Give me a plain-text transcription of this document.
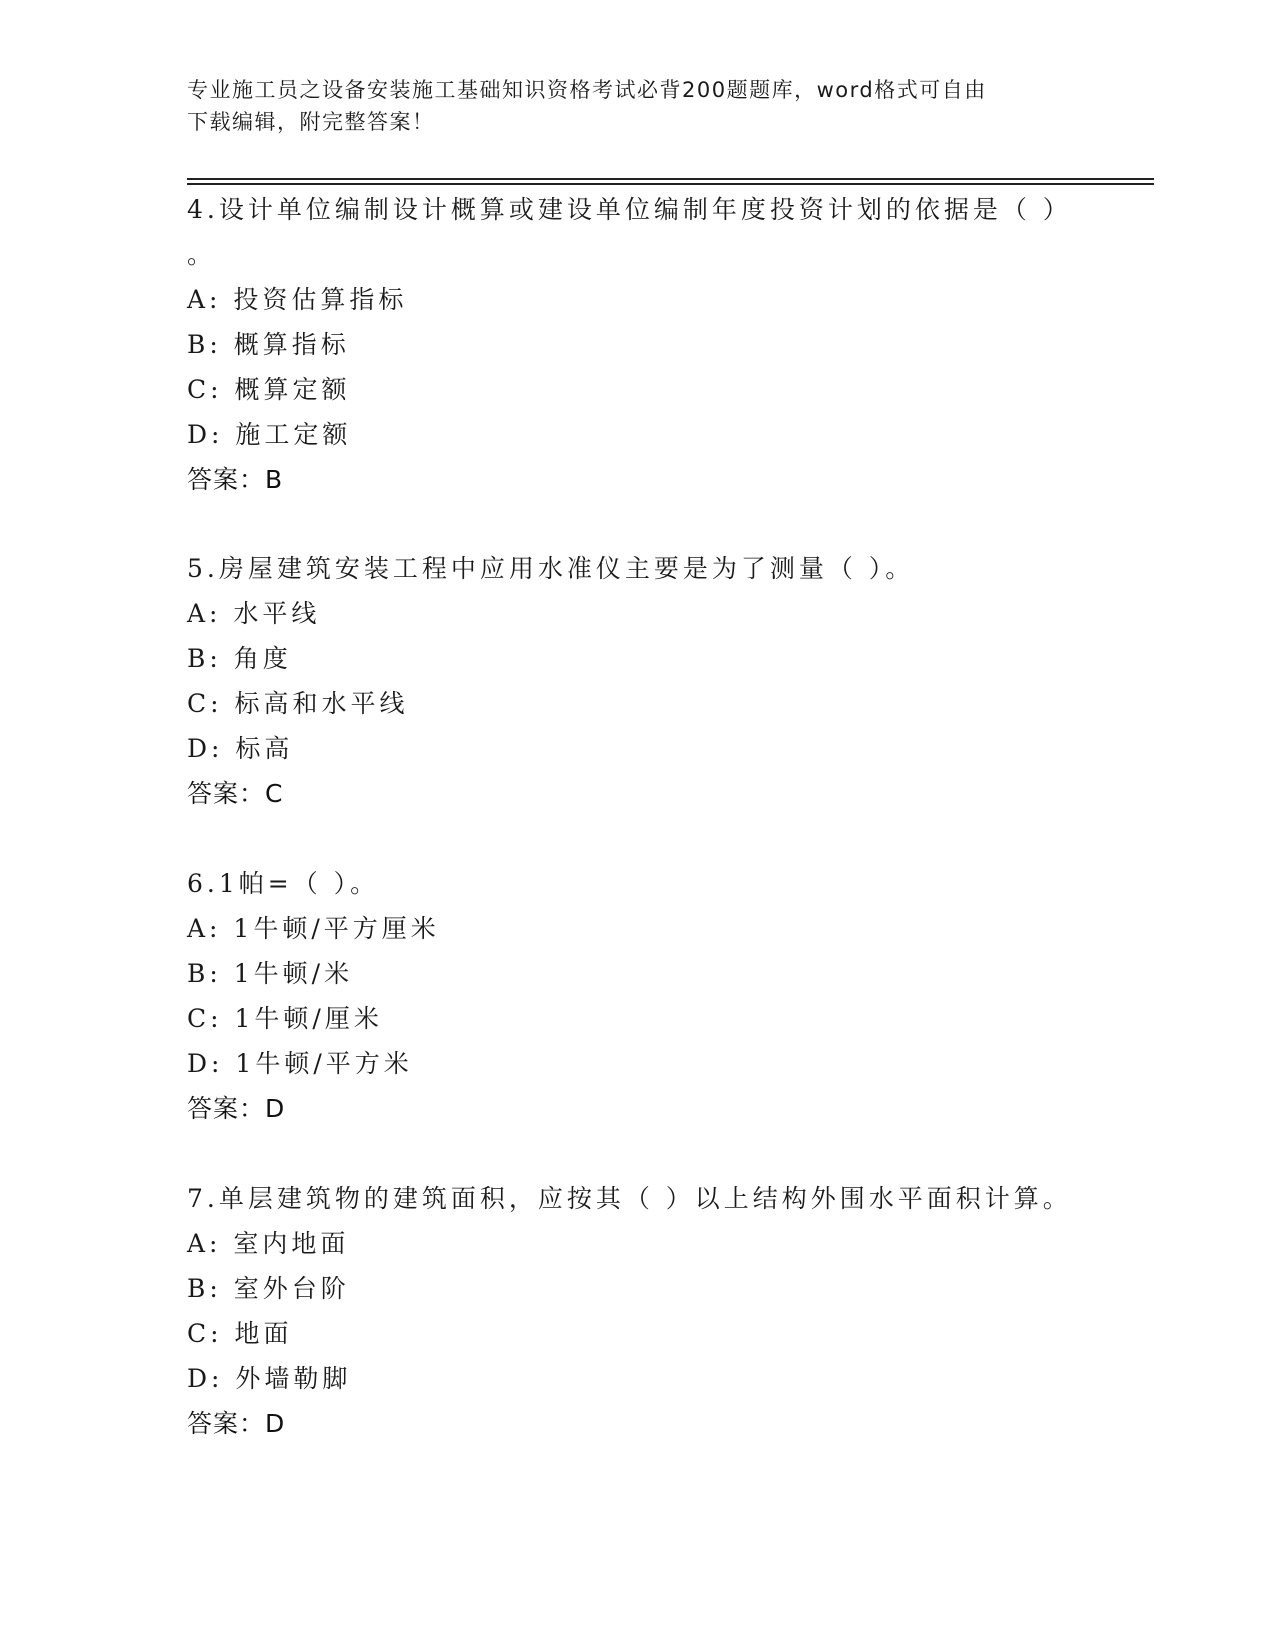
专业施工员之设备安装施工基础知识资格考试必背200题题库，word格式可自由
下载编辑，附完整答案！
4.设计单位编制设计概算或建设单位编制年度投资计划的依据是（ ）
。
A: 投资估算指标
B: 概算指标
C: 概算定额
D: 施工定额
答案：B
5.房屋建筑安装工程中应用水准仪主要是为了测量（ ）。
A: 水平线
B: 角度
C: 标高和水平线
D: 标高
答案：C
6.1帕=（ ）。
A: 1牛顿/平方厘米
B: 1牛顿/米
C: 1牛顿/厘米
D: 1牛顿/平方米
答案：D
7.单层建筑物的建筑面积，应按其（ ）以上结构外围水平面积计算。
A: 室内地面
B: 室外台阶
C: 地面
D: 外墙勒脚
答案：D
